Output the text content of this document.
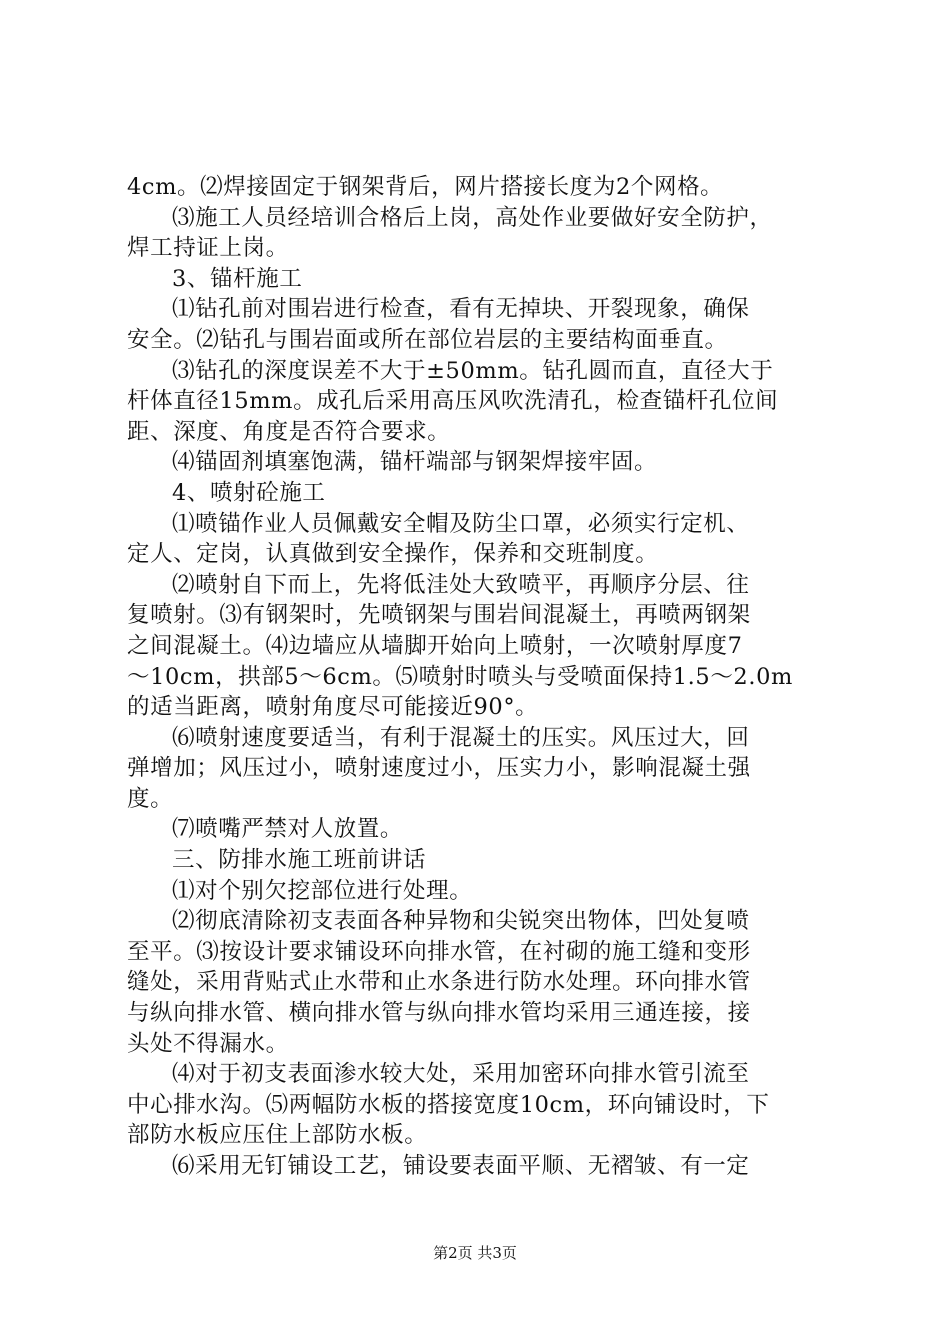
4cm。⑵焊接固定于钢架背后，网片搭接长度为2个网格。
⑶施工人员经培训合格后上岗，高处作业要做好安全防护，
焊工持证上岗。
3、锚杆施工
⑴钻孔前对围岩进行检查，看有无掉块、开裂现象，确保
安全。⑵钻孔与围岩面或所在部位岩层的主要结构面垂直。
⑶钻孔的深度误差不大于±50mm。钻孔圆而直，直径大于
杆体直径15mm。成孔后采用高压风吹洗清孔，检查锚杆孔位间
距、深度、角度是否符合要求。
⑷锚固剂填塞饱满，锚杆端部与钢架焊接牢固。
4、喷射砼施工
⑴喷锚作业人员佩戴安全帽及防尘口罩，必须实行定机、
定人、定岗，认真做到安全操作，保养和交班制度。
⑵喷射自下而上，先将低洼处大致喷平，再顺序分层、往
复喷射。⑶有钢架时，先喷钢架与围岩间混凝土，再喷两钢架
之间混凝土。⑷边墙应从墙脚开始向上喷射，一次喷射厚度7
～10cm，拱部5～6cm。⑸喷射时喷头与受喷面保持1.5～2.0m
的适当距离，喷射角度尽可能接近90°。
⑹喷射速度要适当，有利于混凝土的压实。风压过大，回
弹增加；风压过小，喷射速度过小，压实力小，影响混凝土强
度。
⑺喷嘴严禁对人放置。
三、防排水施工班前讲话
⑴对个别欠挖部位进行处理。
⑵彻底清除初支表面各种异物和尖锐突出物体，凹处复喷
至平。⑶按设计要求铺设环向排水管，在衬砌的施工缝和变形
缝处，采用背贴式止水带和止水条进行防水处理。环向排水管
与纵向排水管、横向排水管与纵向排水管均采用三通连接，接
头处不得漏水。
⑷对于初支表面渗水较大处，采用加密环向排水管引流至
中心排水沟。⑸两幅防水板的搭接宽度10cm，环向铺设时，下
部防水板应压住上部防水板。
⑹采用无钉铺设工艺，铺设要表面平顺、无褶皱、有一定
第2页 共3页
